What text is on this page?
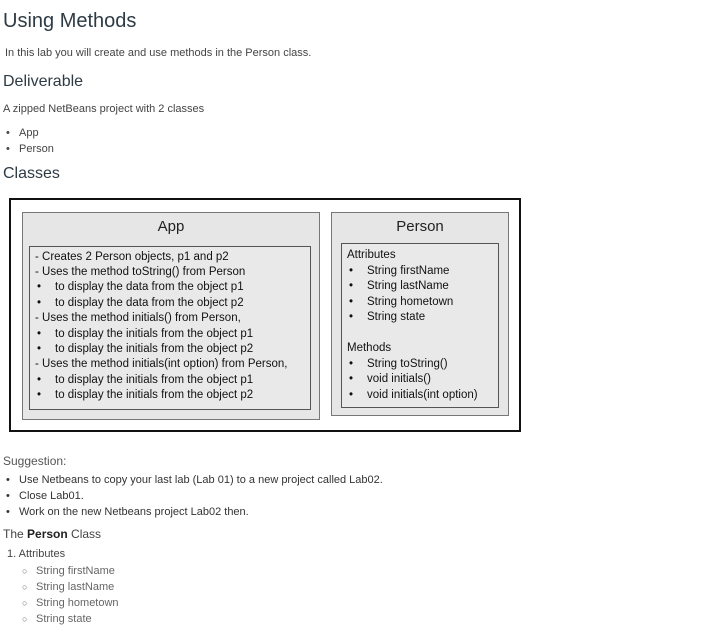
Using Methods
In this lab you will create and use methods in the Person class.
Deliverable
A zipped NetBeans project with 2 classes
• App
• Person
Classes
App
- Creates 2 Person objects, p1 and p2
- Uses the method toString() from Person
• to display the data from the object p1
• to display the data from the object p2
- Uses the method initials() from Person,
• to display the initials from the object p1
• to display the initials from the object p2
- Uses the method initials(int option) from Person,
• to display the initials from the object p1
• to display the initials from the object p2
Person
Attributes
• String firstName
• String lastName
• String hometown
• String state
Methods
• String toString()
• void initials()
• void initials(int option)
Suggestion:
• Use Netbeans to copy your last lab (Lab 01) to a new project called Lab02.
• Close Lab01.
• Work on the new Netbeans project Lab02 then.
The Person Class
1. Attributes
○ String firstName
○ String lastName
○ String hometown
○ String state
